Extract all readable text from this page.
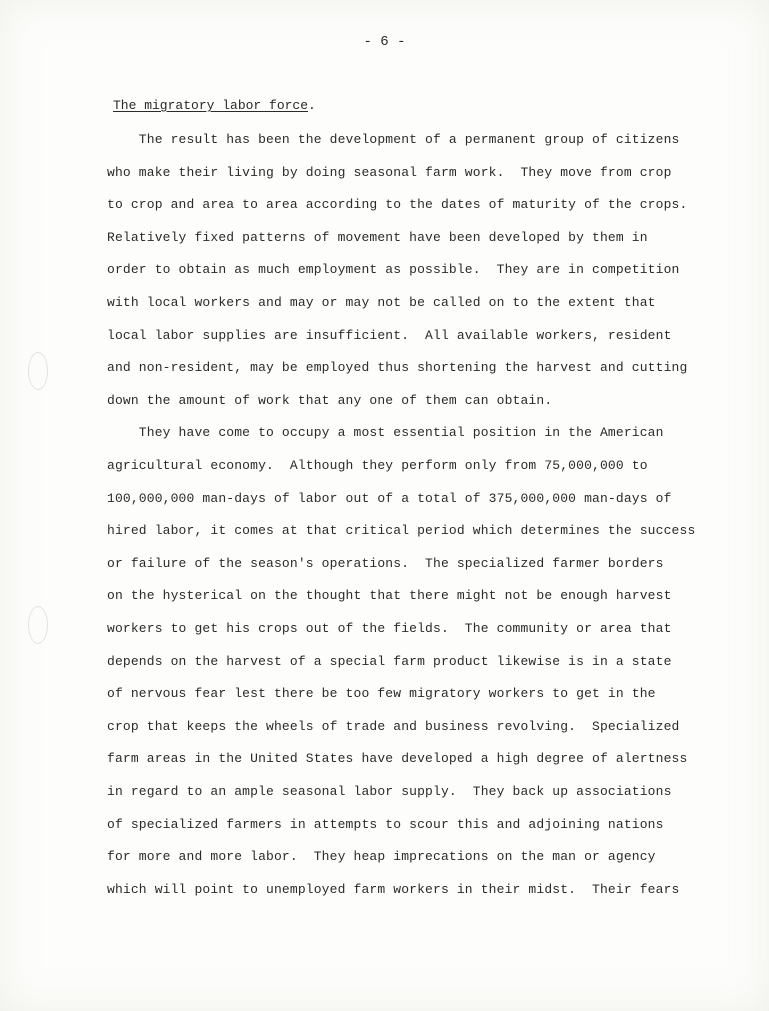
- 6 -
The migratory labor force.
The result has been the development of a permanent group of citizens
who make their living by doing seasonal farm work.  They move from crop
to crop and area to area according to the dates of maturity of the crops.
Relatively fixed patterns of movement have been developed by them in
order to obtain as much employment as possible.  They are in competition
with local workers and may or may not be called on to the extent that
local labor supplies are insufficient.  All available workers, resident
and non-resident, may be employed thus shortening the harvest and cutting
down the amount of work that any one of them can obtain.
They have come to occupy a most essential position in the American
agricultural economy.  Although they perform only from 75,000,000 to
100,000,000 man-days of labor out of a total of 375,000,000 man-days of
hired labor, it comes at that critical period which determines the success
or failure of the season's operations.  The specialized farmer borders
on the hysterical on the thought that there might not be enough harvest
workers to get his crops out of the fields.  The community or area that
depends on the harvest of a special farm product likewise is in a state
of nervous fear lest there be too few migratory workers to get in the
crop that keeps the wheels of trade and business revolving.  Specialized
farm areas in the United States have developed a high degree of alertness
in regard to an ample seasonal labor supply.  They back up associations
of specialized farmers in attempts to scour this and adjoining nations
for more and more labor.  They heap imprecations on the man or agency
which will point to unemployed farm workers in their midst.  Their fears
